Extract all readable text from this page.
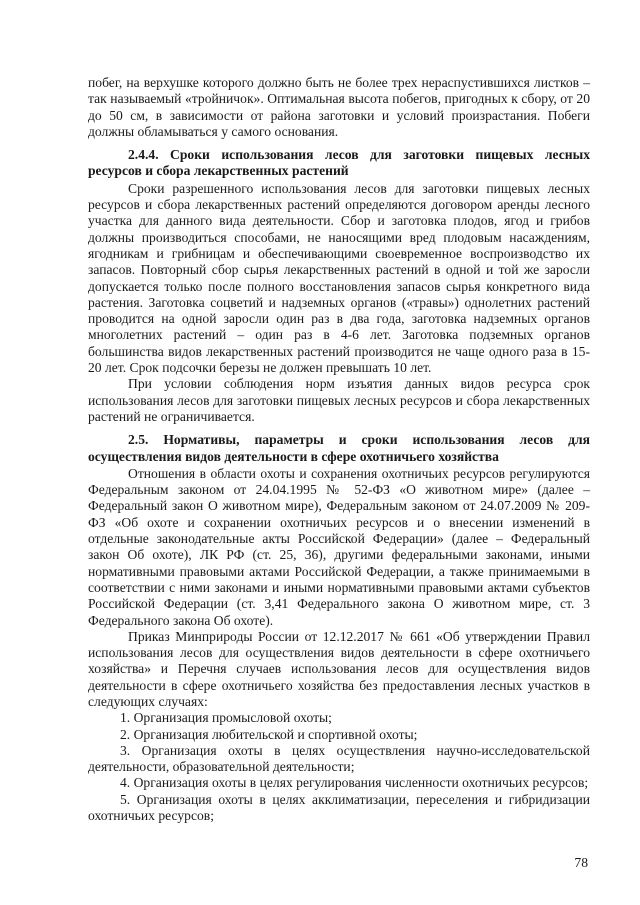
побег, на верхушке которого должно быть не более трех нераспустившихся листков – так называемый «тройничок». Оптимальная высота побегов, пригодных к сбору, от 20 до 50 см, в зависимости от района заготовки и условий произрастания. Побеги должны обламываться у самого основания.

2.4.4. Сроки использования лесов для заготовки пищевых лесных ресурсов и сбора лекарственных растений

Сроки разрешенного использования лесов для заготовки пищевых лесных ресурсов и сбора лекарственных растений определяются договором аренды лесного участка для данного вида деятельности. Сбор и заготовка плодов, ягод и грибов должны производиться способами, не наносящими вред плодовым насаждениям, ягодникам и грибницам и обеспечивающими своевременное воспроизводство их запасов. Повторный сбор сырья лекарственных растений в одной и той же заросли допускается только после полного восстановления запасов сырья конкретного вида растения. Заготовка соцветий и надземных органов («травы») однолетних растений проводится на одной заросли один раз в два года, заготовка надземных органов многолетних растений – один раз в 4-6 лет. Заготовка подземных органов большинства видов лекарственных растений производится не чаще одного раза в 15-20 лет. Срок подсочки березы не должен превышать 10 лет.

При условии соблюдения норм изъятия данных видов ресурса срок использования лесов для заготовки пищевых лесных ресурсов и сбора лекарственных растений не ограничивается.

2.5. Нормативы, параметры и сроки использования лесов для осуществления видов деятельности в сфере охотничьего хозяйства

Отношения в области охоты и сохранения охотничьих ресурсов регулируются Федеральным законом от 24.04.1995 № 52-ФЗ «О животном мире» (далее – Федеральный закон О животном мире), Федеральным законом от 24.07.2009 № 209-ФЗ «Об охоте и сохранении охотничьих ресурсов и о внесении изменений в отдельные законодательные акты Российской Федерации» (далее – Федеральный закон Об охоте), ЛК РФ (ст. 25, 36), другими федеральными законами, иными нормативными правовыми актами Российской Федерации, а также принимаемыми в соответствии с ними законами и иными нормативными правовыми актами субъектов Российской Федерации (ст. 3,41 Федерального закона О животном мире, ст. 3 Федерального закона Об охоте).

Приказ Минприроды России от 12.12.2017 № 661 «Об утверждении Правил использования лесов для осуществления видов деятельности в сфере охотничьего хозяйства» и Перечня случаев использования лесов для осуществления видов деятельности в сфере охотничьего хозяйства без предоставления лесных участков в следующих случаях:

1. Организация промысловой охоты;

2. Организация любительской и спортивной охоты;

3. Организация охоты в целях осуществления научно-исследовательской деятельности, образовательной деятельности;

4. Организация охоты в целях регулирования численности охотничьих ресурсов;

5. Организация охоты в целях акклиматизации, переселения и гибридизации охотничьих ресурсов;

78
